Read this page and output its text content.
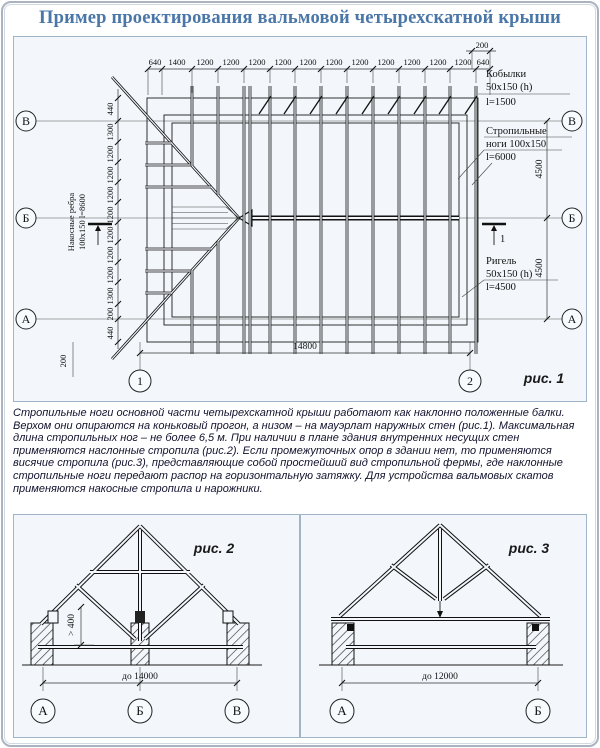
Пример проектирования вальмовой четырехскатной крыши
640 1400 1200 1200 1200 1200 1200 1200 1200 1200 1200 1200 1200 640
200
440
1300
1200
1200
1200
1200
1200
1200
1200
1300
200
440
200
4500
4500
14800
1
Кобылки
50x150 (h)
l=1500
Стропильные
ноги 100x150
l=6000
Ригель
50x150 (h)
l=4500
Накосные ребра 100x150 l=8600
В
Б
А
В
Б
А
1	2	рис. 1
Стропильные ноги основной части четырехскатной крыши работают как наклонно положенные балки. Верхом они опираются на коньковый прогон, а низом – на мауэрлат наружных стен (рис.1). Максимальная длина стропильных ног – не более 6,5 м. При наличии в плане здания внутренних несущих стен применяются наслонные стропила (рис.2). Если промежуточных опор в здании нет, то применяются висячие стропила (рис.3), представляющие собой простейший вид стропильной фермы, где наклонные стропильные ноги передают распор на горизонтальную затяжку. Для устройства вальмовых скатов применяются накосные стропила и нарожники.
> 400
до 14000
А	Б	В
рис. 2
до 12000
А	Б
рис. 3
